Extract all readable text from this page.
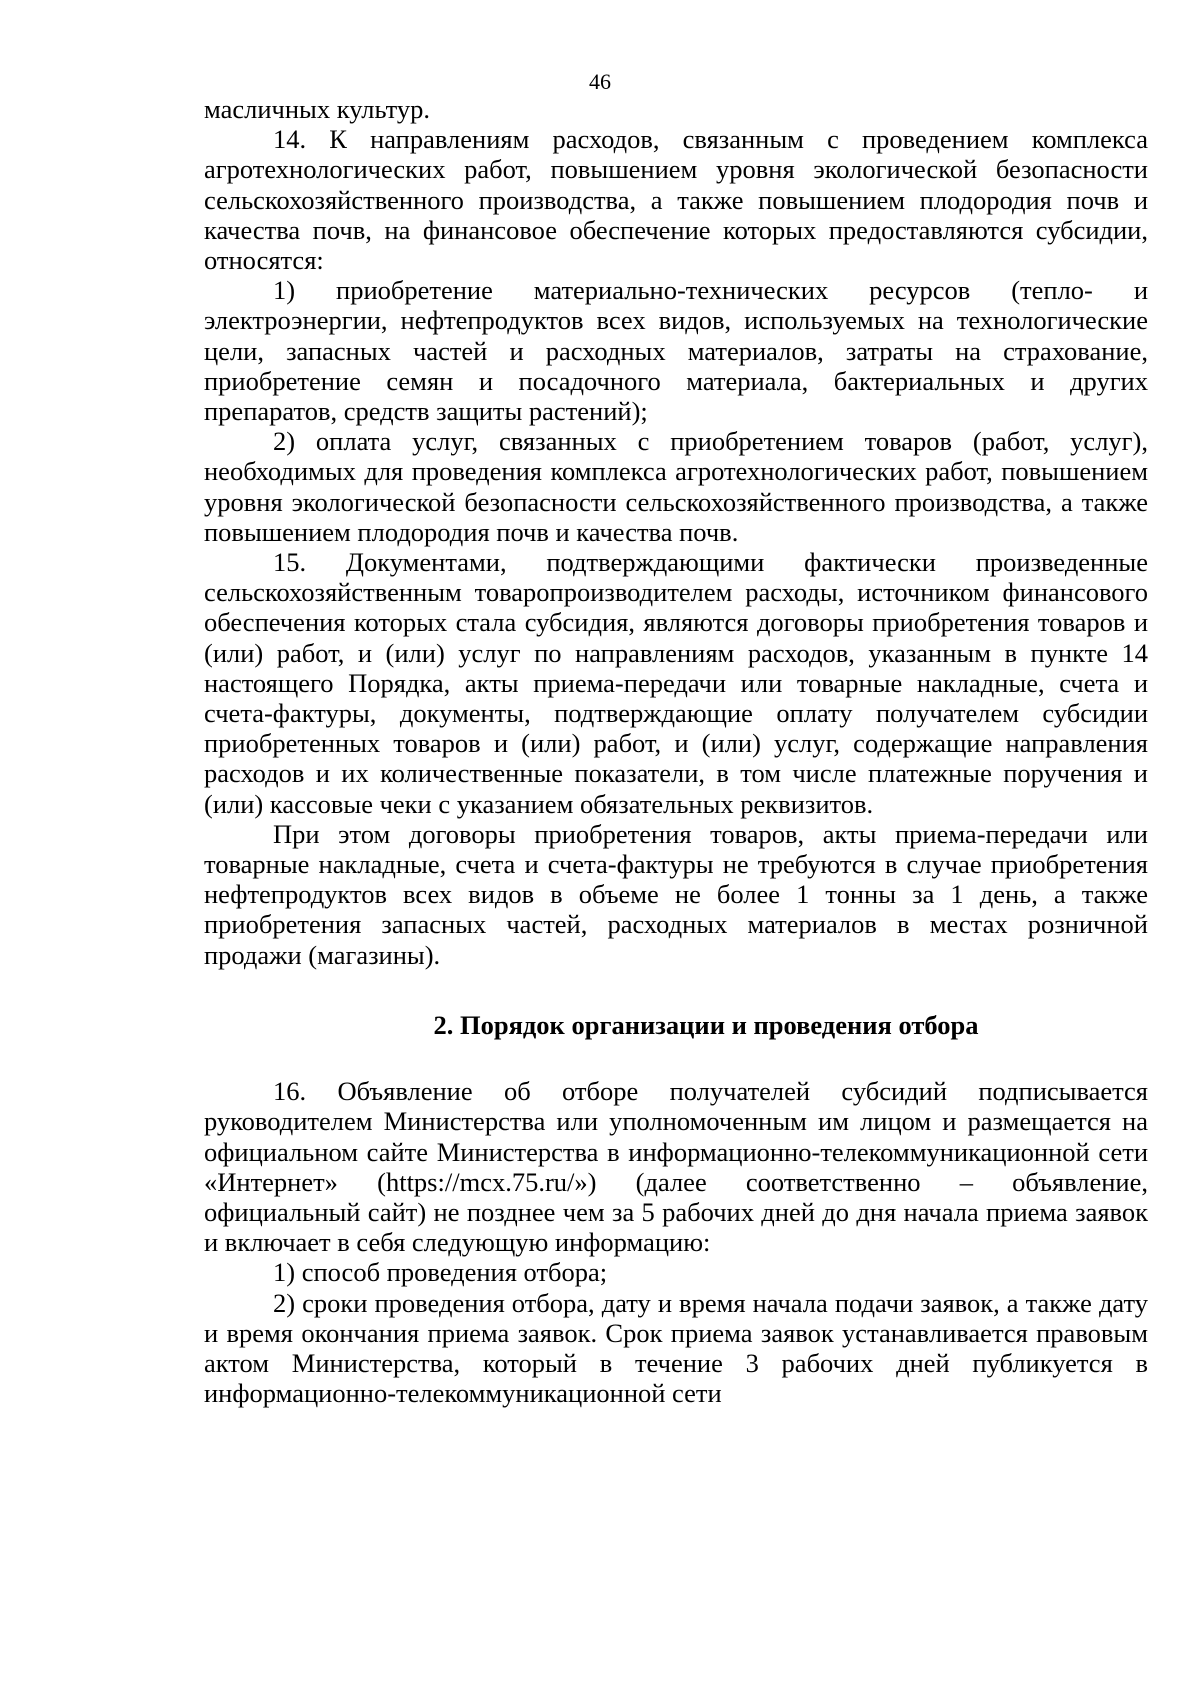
46

масличных культур.

14. К направлениям расходов, связанным с проведением комплекса агротехнологических работ, повышением уровня экологической безопасности сельскохозяйственного производства, а также повышением плодородия почв и качества почв, на финансовое обеспечение которых предоставляются субсидии, относятся:

1) приобретение материально-технических ресурсов (тепло- и электроэнергии, нефтепродуктов всех видов, используемых на технологические цели, запасных частей и расходных материалов, затраты на страхование, приобретение семян и посадочного материала, бактериальных и других препаратов, средств защиты растений);

2) оплата услуг, связанных с приобретением товаров (работ, услуг), необходимых для проведения комплекса агротехнологических работ, повышением уровня экологической безопасности сельскохозяйственного производства, а также повышением плодородия почв и качества почв.

15. Документами, подтверждающими фактически произведенные сельскохозяйственным товаропроизводителем расходы, источником финансового обеспечения которых стала субсидия, являются договоры приобретения товаров и (или) работ, и (или) услуг по направлениям расходов, указанным в пункте 14 настоящего Порядка, акты приема-передачи или товарные накладные, счета и счета-фактуры, документы, подтверждающие оплату получателем субсидии приобретенных товаров и (или) работ, и (или) услуг, содержащие направления расходов и их количественные показатели, в том числе платежные поручения и (или) кассовые чеки с указанием обязательных реквизитов.

При этом договоры приобретения товаров, акты приема-передачи или товарные накладные, счета и счета-фактуры не требуются в случае приобретения нефтепродуктов всех видов в объеме не более 1 тонны за 1 день, а также приобретения запасных частей, расходных материалов в местах розничной продажи (магазины).

2. Порядок организации и проведения отбора

16. Объявление об отборе получателей субсидий подписывается руководителем Министерства или уполномоченным им лицом и размещается на официальном сайте Министерства в информационно-телекоммуникационной сети «Интернет» (https://mcx.75.ru/») (далее соответственно – объявление, официальный сайт) не позднее чем за 5 рабочих дней до дня начала приема заявок и включает в себя следующую информацию:

1) способ проведения отбора;

2) сроки проведения отбора, дату и время начала подачи заявок, а также дату и время окончания приема заявок. Срок приема заявок устанавливается правовым актом Министерства, который в течение 3 рабочих дней публикуется в информационно-телекоммуникационной сети
